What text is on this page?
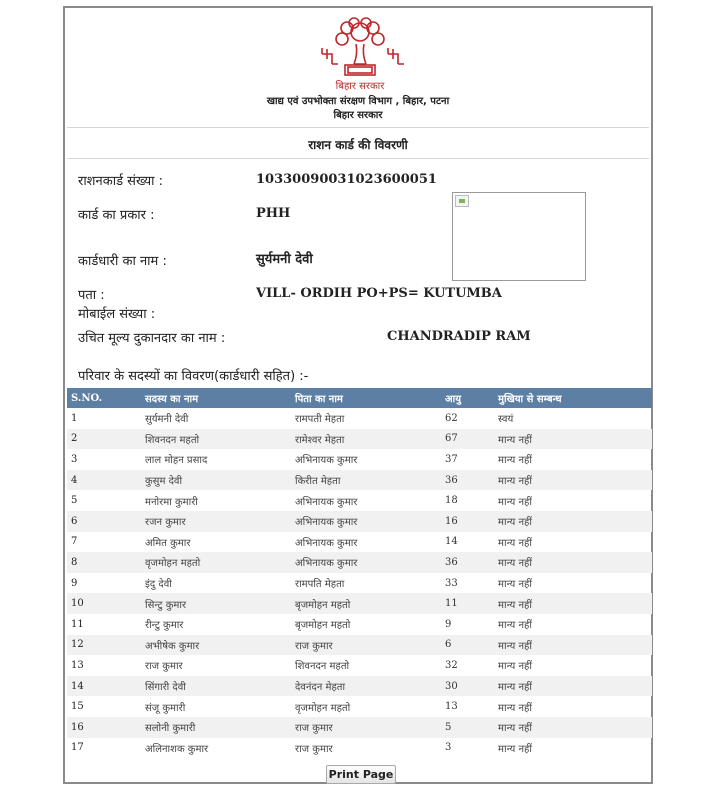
बिहार सरकार
खाद्य एवं उपभोक्ता संरक्षण विभाग , बिहार, पटना
बिहार सरकार
राशन कार्ड की विवरणी
राशनकार्ड संख्या :	10330090031023600051
कार्ड का प्रकार :	PHH
कार्डधारी का नाम :	सुर्यमनी देवी
पता :	VILL- ORDIH PO+PS= KUTUMBA
मोबाईल संख्या :
उचित मूल्य दुकानदार का नाम :	CHANDRADIP RAM
परिवार के सदस्यों का विवरण(कार्डधारी सहित) :-
S.NO.	सदस्य का नाम	पिता का नाम	आयु	मुखिया से सम्बन्ध
1	सुर्यमनी देवी	रामपती मेहता	62	स्वयं
2	शिवनदन महतो	रामेश्वर मेहता	67	मान्य नहीं
3	लाल मोहन प्रसाद	अभिनायक कुमार	37	मान्य नहीं
4	कुसुम देवी	किरीत मेहता	36	मान्य नहीं
5	मनोरमा कुमारी	अभिनायक कुमार	18	मान्य नहीं
6	रजन कुमार	अभिनायक कुमार	16	मान्य नहीं
7	अमित कुमार	अभिनायक कुमार	14	मान्य नहीं
8	वृजमोहन महतो	अभिनायक कुमार	36	मान्य नहीं
9	इंदु देवी	रामपति मेहता	33	मान्य नहीं
10	सिन्टु कुमार	बृजमोहन महतो	11	मान्य नहीं
11	रीन्टु कुमार	बृजमोहन महतो	9	मान्य नहीं
12	अभीषेक कुमार	राज कुमार	6	मान्य नहीं
13	राज कुमार	शिवनदन महतो	32	मान्य नहीं
14	सिंगारी देवी	देवनंदन मेहता	30	मान्य नहीं
15	संजू कुमारी	वृजमोहन महतो	13	मान्य नहीं
16	सलोनी कुमारी	राज कुमार	5	मान्य नहीं
17	अलिनाशक कुमार	राज कुमार	3	मान्य नहीं
Print Page
